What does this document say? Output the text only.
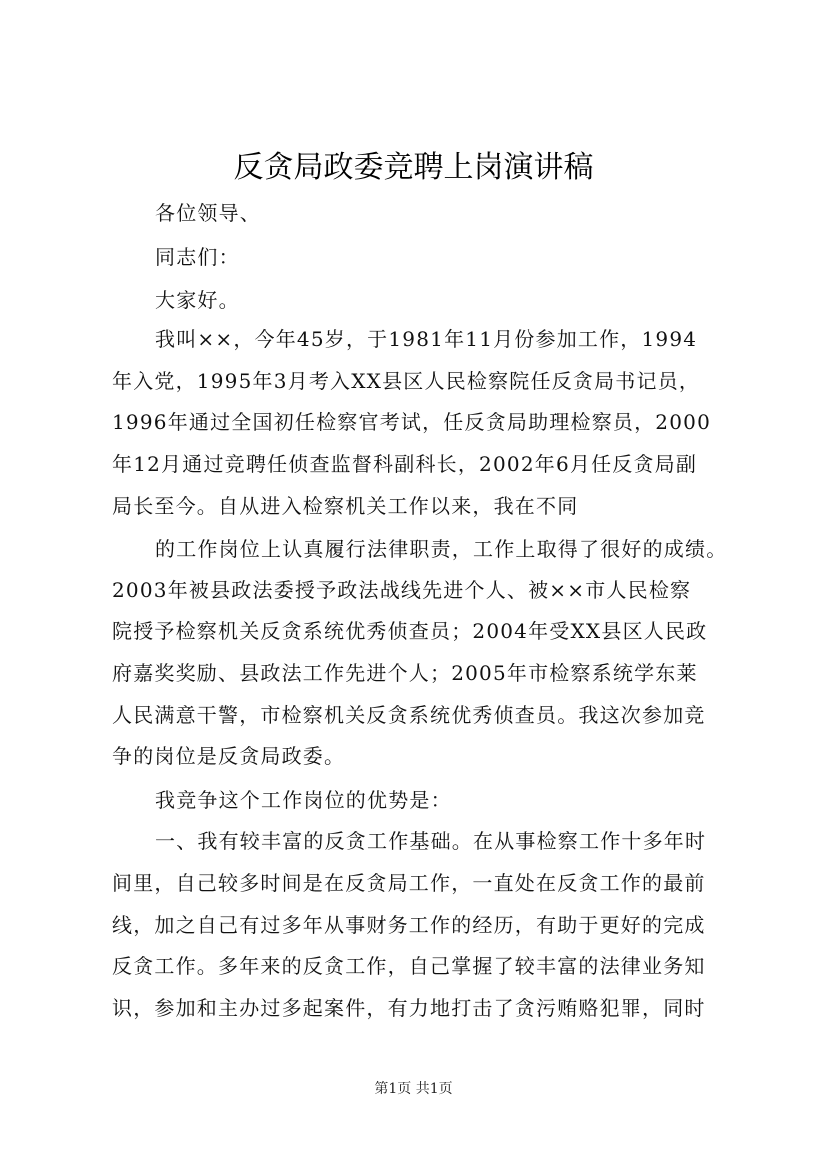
反贪局政委竞聘上岗演讲稿
各位领导、
同志们：
大家好。
我叫××，今年45岁，于1981年11月份参加工作，1994
年入党，1995年3月考入XX县区人民检察院任反贪局书记员，
1996年通过全国初任检察官考试，任反贪局助理检察员，2000
年12月通过竞聘任侦查监督科副科长，2002年6月任反贪局副
局长至今。自从进入检察机关工作以来，我在不同
的工作岗位上认真履行法律职责，工作上取得了很好的成绩。
2003年被县政法委授予政法战线先进个人、被××市人民检察
院授予检察机关反贪系统优秀侦查员；2004年受XX县区人民政
府嘉奖奖励、县政法工作先进个人；2005年市检察系统学东莱
人民满意干警，市检察机关反贪系统优秀侦查员。我这次参加竞
争的岗位是反贪局政委。
我竞争这个工作岗位的优势是：
一、我有较丰富的反贪工作基础。在从事检察工作十多年时
间里，自己较多时间是在反贪局工作，一直处在反贪工作的最前
线，加之自己有过多年从事财务工作的经历，有助于更好的完成
反贪工作。多年来的反贪工作，自己掌握了较丰富的法律业务知
识，参加和主办过多起案件，有力地打击了贪污贿赂犯罪，同时
第1页 共1页
